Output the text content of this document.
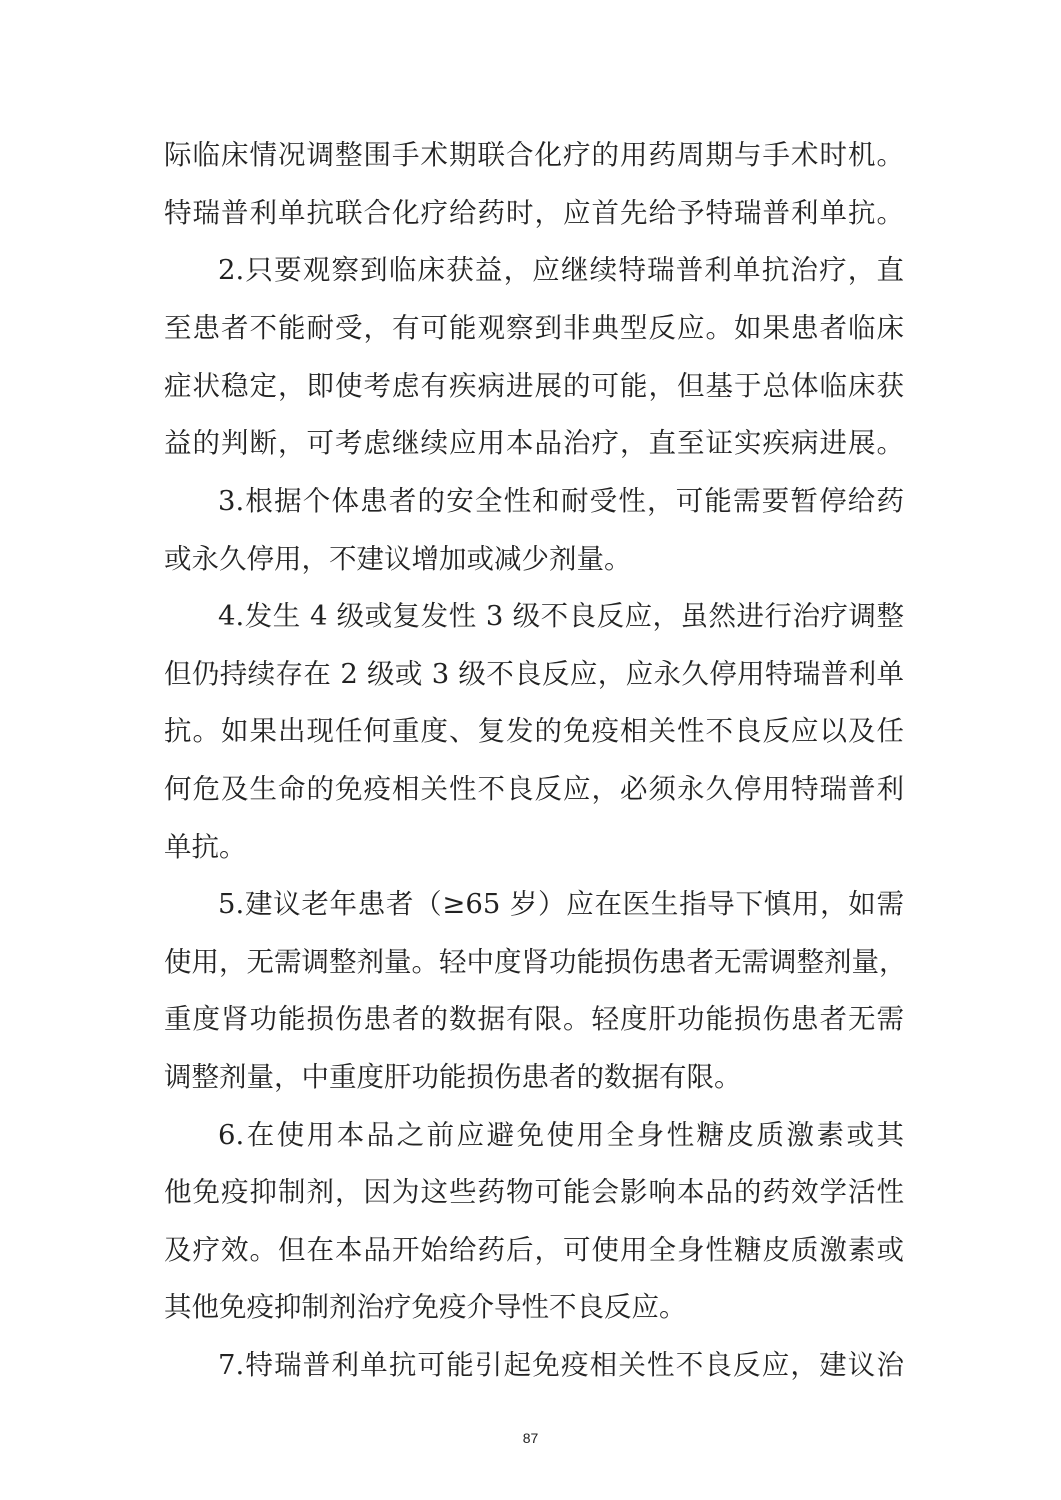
际临床情况调整围手术期联合化疗的用药周期与手术时机。
特瑞普利单抗联合化疗给药时，应首先给予特瑞普利单抗。
2.只要观察到临床获益，应继续特瑞普利单抗治疗，直
至患者不能耐受，有可能观察到非典型反应。如果患者临床
症状稳定，即使考虑有疾病进展的可能，但基于总体临床获
益的判断，可考虑继续应用本品治疗，直至证实疾病进展。
3.根据个体患者的安全性和耐受性，可能需要暂停给药
或永久停用，不建议增加或减少剂量。
4.发生 4 级或复发性 3 级不良反应，虽然进行治疗调整
但仍持续存在 2 级或 3 级不良反应，应永久停用特瑞普利单
抗。如果出现任何重度、复发的免疫相关性不良反应以及任
何危及生命的免疫相关性不良反应，必须永久停用特瑞普利
单抗。
5.建议老年患者（≥65 岁）应在医生指导下慎用，如需
使用，无需调整剂量。轻中度肾功能损伤患者无需调整剂量，
重度肾功能损伤患者的数据有限。轻度肝功能损伤患者无需
调整剂量，中重度肝功能损伤患者的数据有限。
6.在使用本品之前应避免使用全身性糖皮质激素或其
他免疫抑制剂，因为这些药物可能会影响本品的药效学活性
及疗效。但在本品开始给药后，可使用全身性糖皮质激素或
其他免疫抑制剂治疗免疫介导性不良反应。
7.特瑞普利单抗可能引起免疫相关性不良反应，建议治
87
